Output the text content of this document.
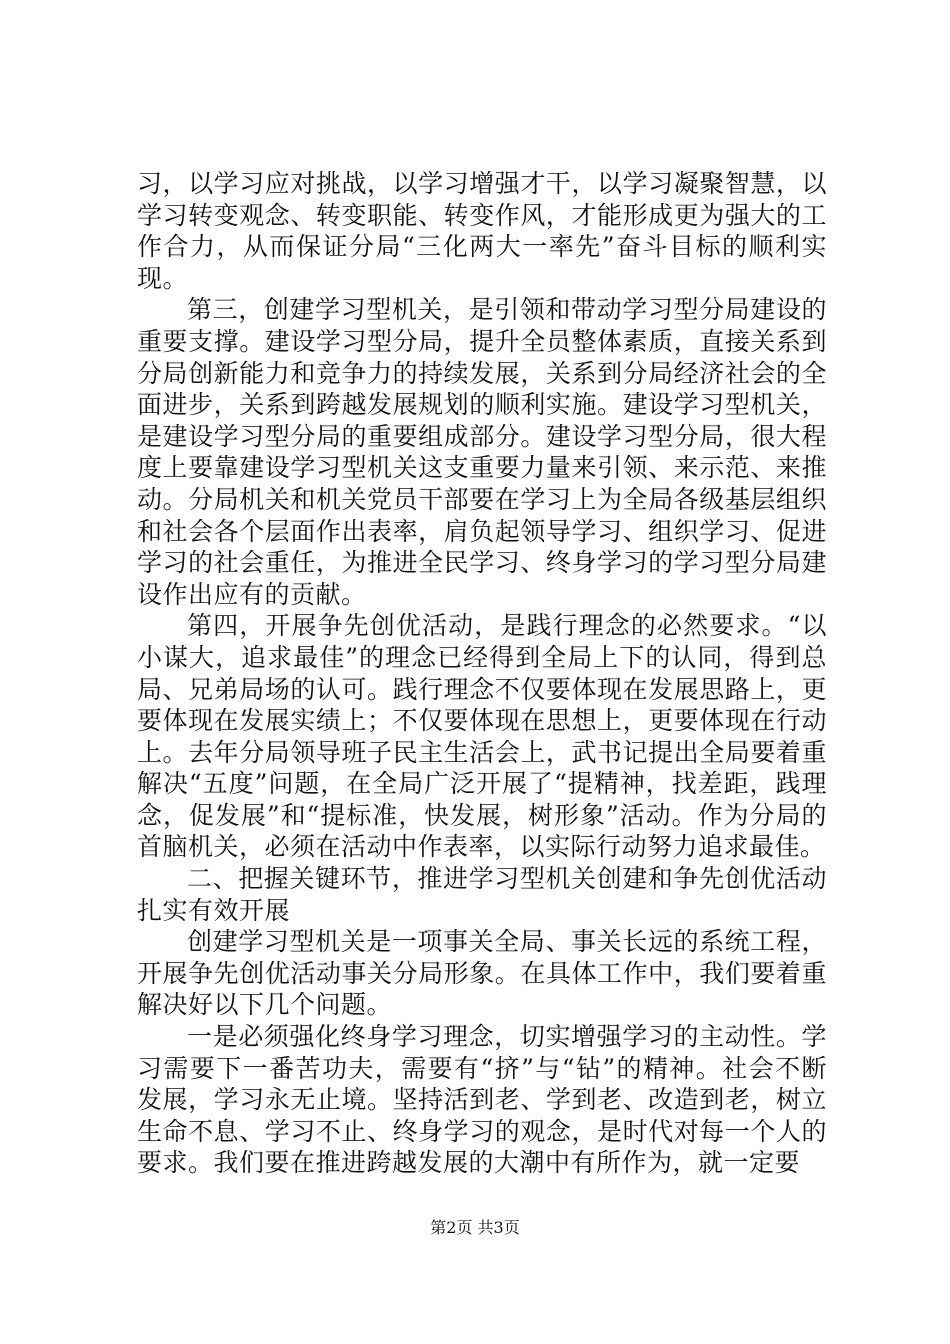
习，以学习应对挑战，以学习增强才干，以学习凝聚智慧，以学习转变观念、转变职能、转变作风，才能形成更为强大的工作合力，从而保证分局“三化两大一率先”奋斗目标的顺利实现。

第三，创建学习型机关，是引领和带动学习型分局建设的重要支撑。建设学习型分局，提升全员整体素质，直接关系到分局创新能力和竞争力的持续发展，关系到分局经济社会的全面进步，关系到跨越发展规划的顺利实施。建设学习型机关，是建设学习型分局的重要组成部分。建设学习型分局，很大程度上要靠建设学习型机关这支重要力量来引领、来示范、来推动。分局机关和机关党员干部要在学习上为全局各级基层组织和社会各个层面作出表率，肩负起领导学习、组织学习、促进学习的社会重任，为推进全民学习、终身学习的学习型分局建设作出应有的贡献。

第四，开展争先创优活动，是践行理念的必然要求。“以小谋大，追求最佳”的理念已经得到全局上下的认同，得到总局、兄弟局场的认可。践行理念不仅要体现在发展思路上，更要体现在发展实绩上；不仅要体现在思想上，更要体现在行动上。去年分局领导班子民主生活会上，武书记提出全局要着重解决“五度”问题，在全局广泛开展了“提精神，找差距，践理念，促发展”和“提标准，快发展，树形象”活动。作为分局的首脑机关，必须在活动中作表率，以实际行动努力追求最佳。

二、把握关键环节，推进学习型机关创建和争先创优活动扎实有效开展

创建学习型机关是一项事关全局、事关长远的系统工程，开展争先创优活动事关分局形象。在具体工作中，我们要着重解决好以下几个问题。

一是必须强化终身学习理念，切实增强学习的主动性。学习需要下一番苦功夫，需要有“挤”与“钻”的精神。社会不断发展，学习永无止境。坚持活到老、学到老、改造到老，树立生命不息、学习不止、终身学习的观念，是时代对每一个人的要求。我们要在推进跨越发展的大潮中有所作为，就一定要

第2页 共3页
